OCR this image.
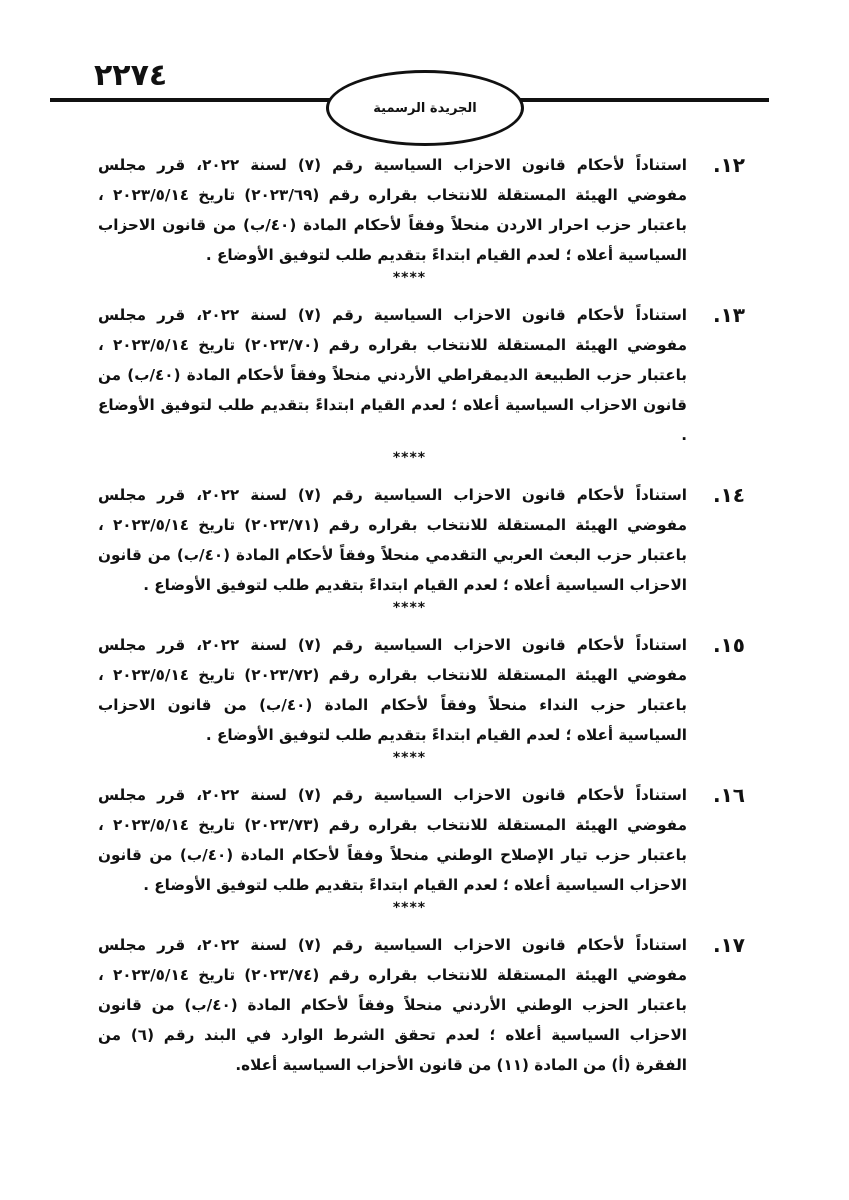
٢٢٧٤
الجريدة الرسمية
١٢.
استناداً لأحكام قانون الاحزاب السياسية رقم (٧) لسنة ٢٠٢٢، قرر مجلس مفوضي الهيئة المستقلة للانتخاب بقراره رقم (٢٠٢٣/٦٩) تاريخ ٢٠٢٣/٥/١٤ ، باعتبار حزب احرار الاردن منحلاً وفقاً لأحكام المادة (٤٠/ب) من قانون الاحزاب السياسية أعلاه ؛ لعدم القيام ابتداءً بتقديم طلب لتوفيق الأوضاع .
****
١٣.
استناداً لأحكام قانون الاحزاب السياسية رقم (٧) لسنة ٢٠٢٢، قرر مجلس مفوضي الهيئة المستقلة للانتخاب بقراره رقم (٢٠٢٣/٧٠) تاريخ ٢٠٢٣/٥/١٤ ، باعتبار حزب الطبيعة الديمقراطي الأردني منحلاً وفقاً لأحكام المادة (٤٠/ب) من قانون الاحزاب السياسية أعلاه ؛ لعدم القيام ابتداءً بتقديم طلب لتوفيق الأوضاع .
****
١٤.
استناداً لأحكام قانون الاحزاب السياسية رقم (٧) لسنة ٢٠٢٢، قرر مجلس مفوضي الهيئة المستقلة للانتخاب بقراره رقم (٢٠٢٣/٧١) تاريخ ٢٠٢٣/٥/١٤ ، باعتبار حزب البعث العربي التقدمي منحلاً وفقاً لأحكام المادة (٤٠/ب) من قانون الاحزاب السياسية أعلاه ؛ لعدم القيام ابتداءً بتقديم طلب لتوفيق الأوضاع .
****
١٥.
استناداً لأحكام قانون الاحزاب السياسية رقم (٧) لسنة ٢٠٢٢، قرر مجلس مفوضي الهيئة المستقلة للانتخاب بقراره رقم (٢٠٢٣/٧٢) تاريخ ٢٠٢٣/٥/١٤ ، باعتبار حزب النداء منحلاً وفقاً لأحكام المادة (٤٠/ب) من قانون الاحزاب السياسية أعلاه ؛ لعدم القيام ابتداءً بتقديم طلب لتوفيق الأوضاع .
****
١٦.
استناداً لأحكام قانون الاحزاب السياسية رقم (٧) لسنة ٢٠٢٢، قرر مجلس مفوضي الهيئة المستقلة للانتخاب بقراره رقم (٢٠٢٣/٧٣) تاريخ ٢٠٢٣/٥/١٤ ، باعتبار حزب تيار الإصلاح الوطني منحلاً وفقاً لأحكام المادة (٤٠/ب) من قانون الاحزاب السياسية أعلاه ؛ لعدم القيام ابتداءً بتقديم طلب لتوفيق الأوضاع .
****
١٧.
استناداً لأحكام قانون الاحزاب السياسية رقم (٧) لسنة ٢٠٢٢، قرر مجلس مفوضي الهيئة المستقلة للانتخاب بقراره رقم (٢٠٢٣/٧٤) تاريخ ٢٠٢٣/٥/١٤ ، باعتبار الحزب الوطني الأردني منحلاً وفقاً لأحكام المادة (٤٠/ب) من قانون الاحزاب السياسية أعلاه ؛ لعدم تحقق الشرط الوارد في البند رقم (٦) من الفقرة (أ) من المادة (١١) من قانون الأحزاب السياسية أعلاه.
